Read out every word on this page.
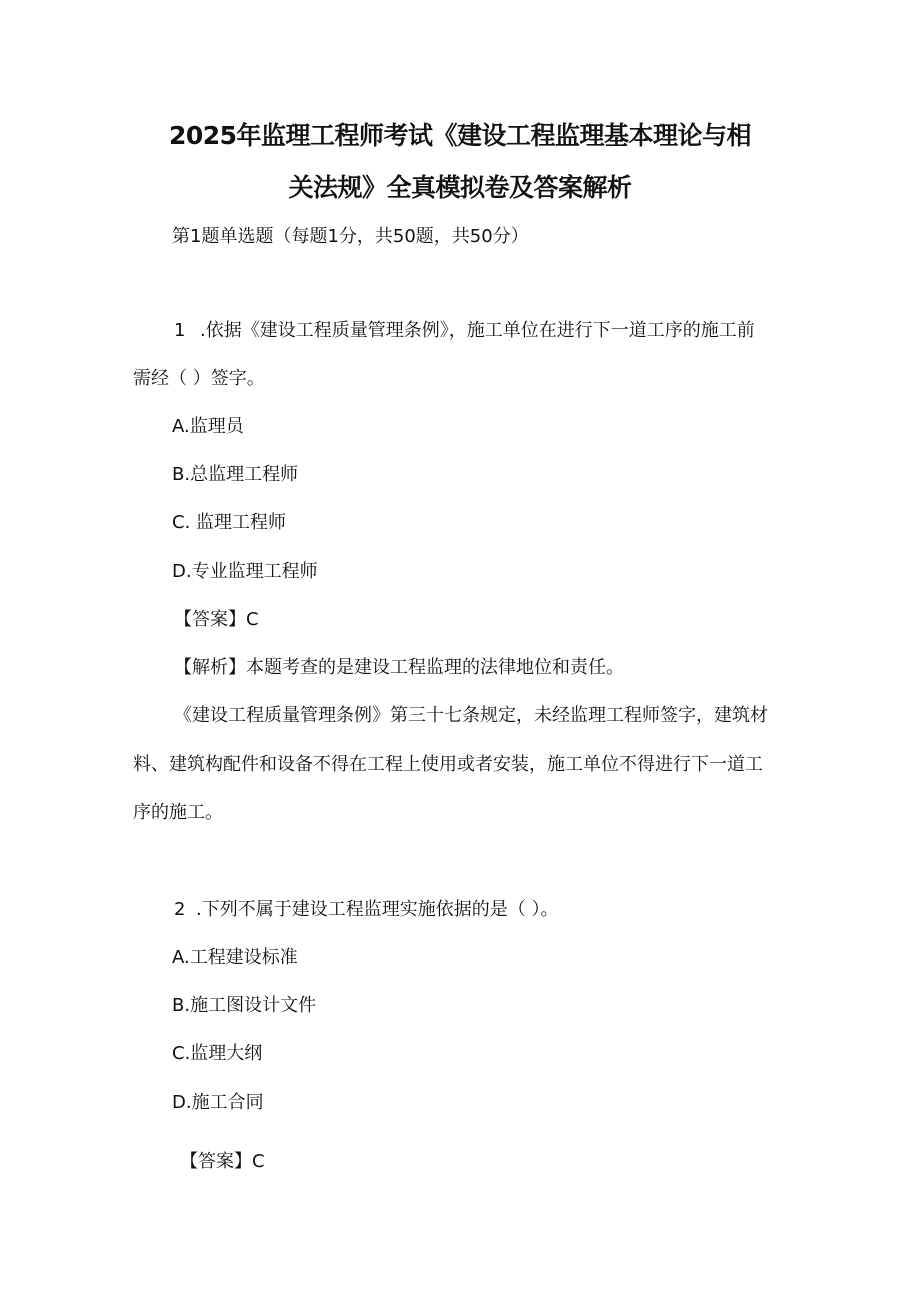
2025年监理工程师考试《建设工程监理基本理论与相
关法规》全真模拟卷及答案解析
第1题单选题（每题1分，共50题，共50分）
1 .依据《建设工程质量管理条例》，施工单位在进行下一道工序的施工前
需经（ ）签字。
A.监理员
B.总监理工程师
C. 监理工程师
D.专业监理工程师
【答案】C
【解析】本题考查的是建设工程监理的法律地位和责任。
《建设工程质量管理条例》第三十七条规定，未经监理工程师签字，建筑材
料、建筑构配件和设备不得在工程上使用或者安装，施工单位不得进行下一道工
序的施工。
2 .下列不属于建设工程监理实施依据的是（ ）。
A.工程建设标准
B.施工图设计文件
C.监理大纲
D.施工合同
【答案】C
